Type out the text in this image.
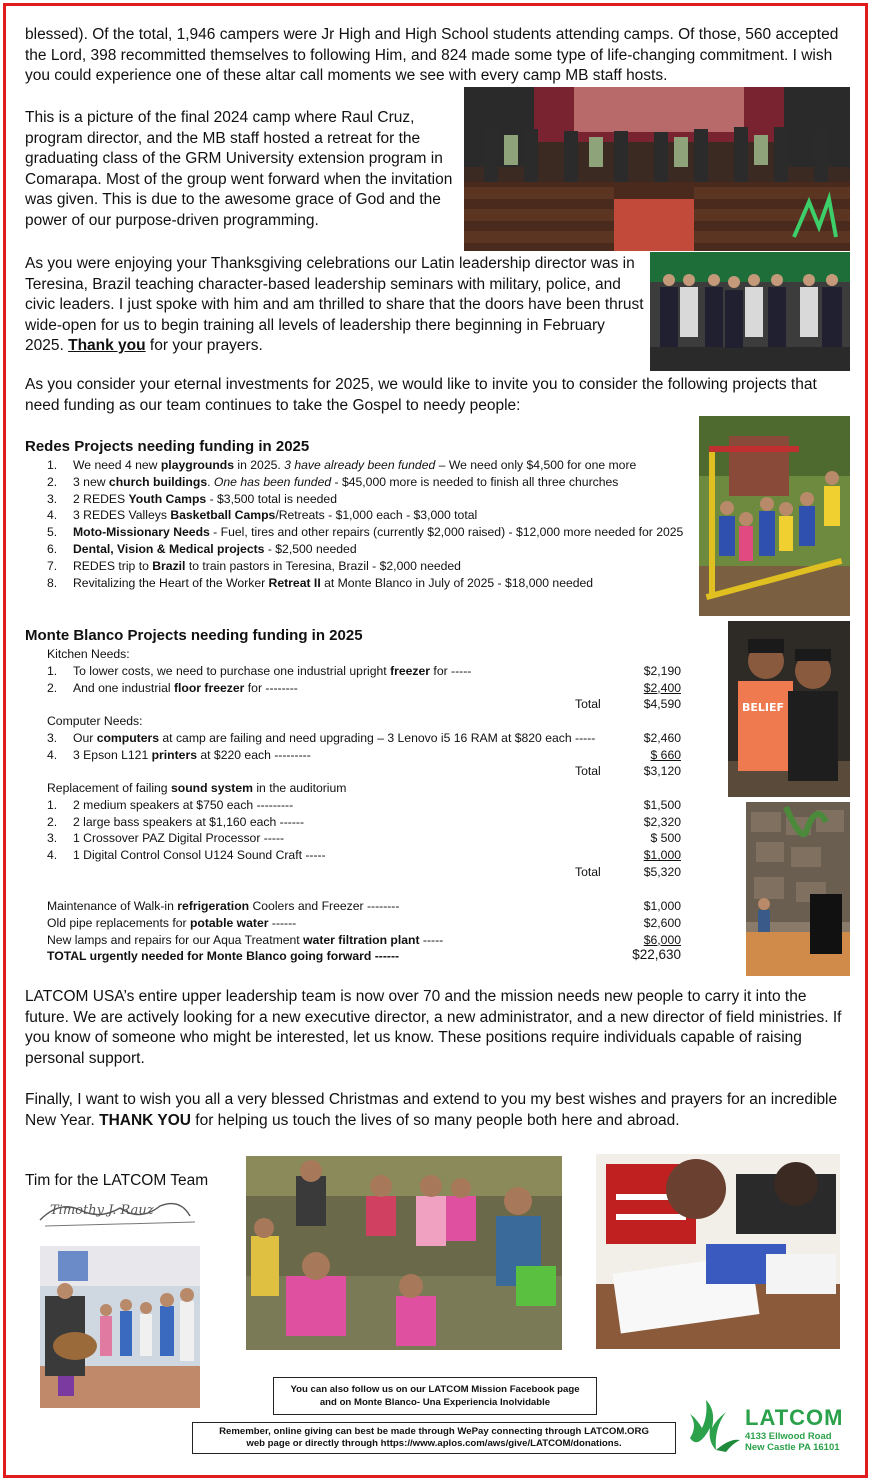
blessed). Of the total, 1,946 campers were Jr High and High School students attending camps. Of those, 560 accepted the Lord, 398 recommitted themselves to following Him, and 824 made some type of life-changing commitment. I wish you could experience one of these altar call moments we see with every camp MB staff hosts.
This is a picture of the final 2024 camp where Raul Cruz, program director, and the MB staff hosted a retreat for the graduating class of the GRM University extension program in Comarapa. Most of the group went forward when the invitation was given. This is due to the awesome grace of God and the power of our purpose-driven programming.
As you were enjoying your Thanksgiving celebrations our Latin leadership director was in Teresina, Brazil teaching character-based leadership seminars with military, police, and civic leaders. I just spoke with him and am thrilled to share that the doors have been thrust wide-open for us to begin training all levels of leadership there beginning in February 2025. Thank you for your prayers.
As you consider your eternal investments for 2025, we would like to invite you to consider the following projects that need funding as our team continues to take the Gospel to needy people:
Redes Projects needing funding in 2025
1.	We need 4 new playgrounds in 2025. 3 have already been funded – We need only $4,500 for one more
2.	3 new church buildings. One has been funded - $45,000 more is needed to finish all three churches
3.	2 REDES Youth Camps - $3,500 total is needed
4.	3 REDES Valleys Basketball Camps/Retreats - $1,000 each - $3,000 total
5.	Moto-Missionary Needs - Fuel, tires and other repairs (currently $2,000 raised) - $12,000 more needed for 2025
6.	Dental, Vision & Medical projects - $2,500 needed
7.	REDES trip to Brazil to train pastors in Teresina, Brazil - $2,000 needed
8.	Revitalizing the Heart of the Worker Retreat II at Monte Blanco in July of 2025 - $18,000 needed
BELIEF
Monte Blanco Projects needing funding in 2025
Kitchen Needs:
Computer Needs:
Replacement of failing sound system in the auditorium
Total	$4,590
Total	$3,120
Total	$5,320
TOTAL urgently needed for Monte Blanco going forward ------	$22,630
1. To lower costs, we need to purchase one industrial upright freezer for -----	$2,190
2. And one industrial floor freezer for --------	$2,400
3. Our computers at camp are failing and need upgrading – 3 Lenovo i5 16 RAM at $820 each -----	$2,460
4. 3 Epson L121 printers at $220 each ---------	$ 660
1. 2 medium speakers at $750 each ---------	$1,500
2. 2 large bass speakers at $1,160 each ------	$2,320
3. 1 Crossover PAZ Digital Processor -----	$ 500
4. 1 Digital Control Consol U124 Sound Craft -----	$1,000
Maintenance of Walk-in refrigeration Coolers and Freezer --------	$1,000
Old pipe replacements for potable water ------	$2,600
New lamps and repairs for our Aqua Treatment water filtration plant -----	$6,000
LATCOM USA’s entire upper leadership team is now over 70 and the mission needs new people to carry it into the future. We are actively looking for a new executive director, a new administrator, and a new director of field ministries. If you know of someone who might be interested, let us know. These positions require individuals capable of raising personal support.
Finally, I want to wish you all a very blessed Christmas and extend to you my best wishes and prayers for an incredible New Year. THANK YOU for helping us touch the lives of so many people both here and abroad.
Tim for the LATCOM Team
Timothy J. Rauz
You can also follow us on our LATCOM Mission Facebook page
and on Monte Blanco- Una Experiencia Inolvidable
Remember, online giving can best be made through WePay connecting through LATCOM.ORG
web page or directly through https://www.aplos.com/aws/give/LATCOM/donations.
LATCOM
4133 Ellwood Road
New Castle PA 16101
